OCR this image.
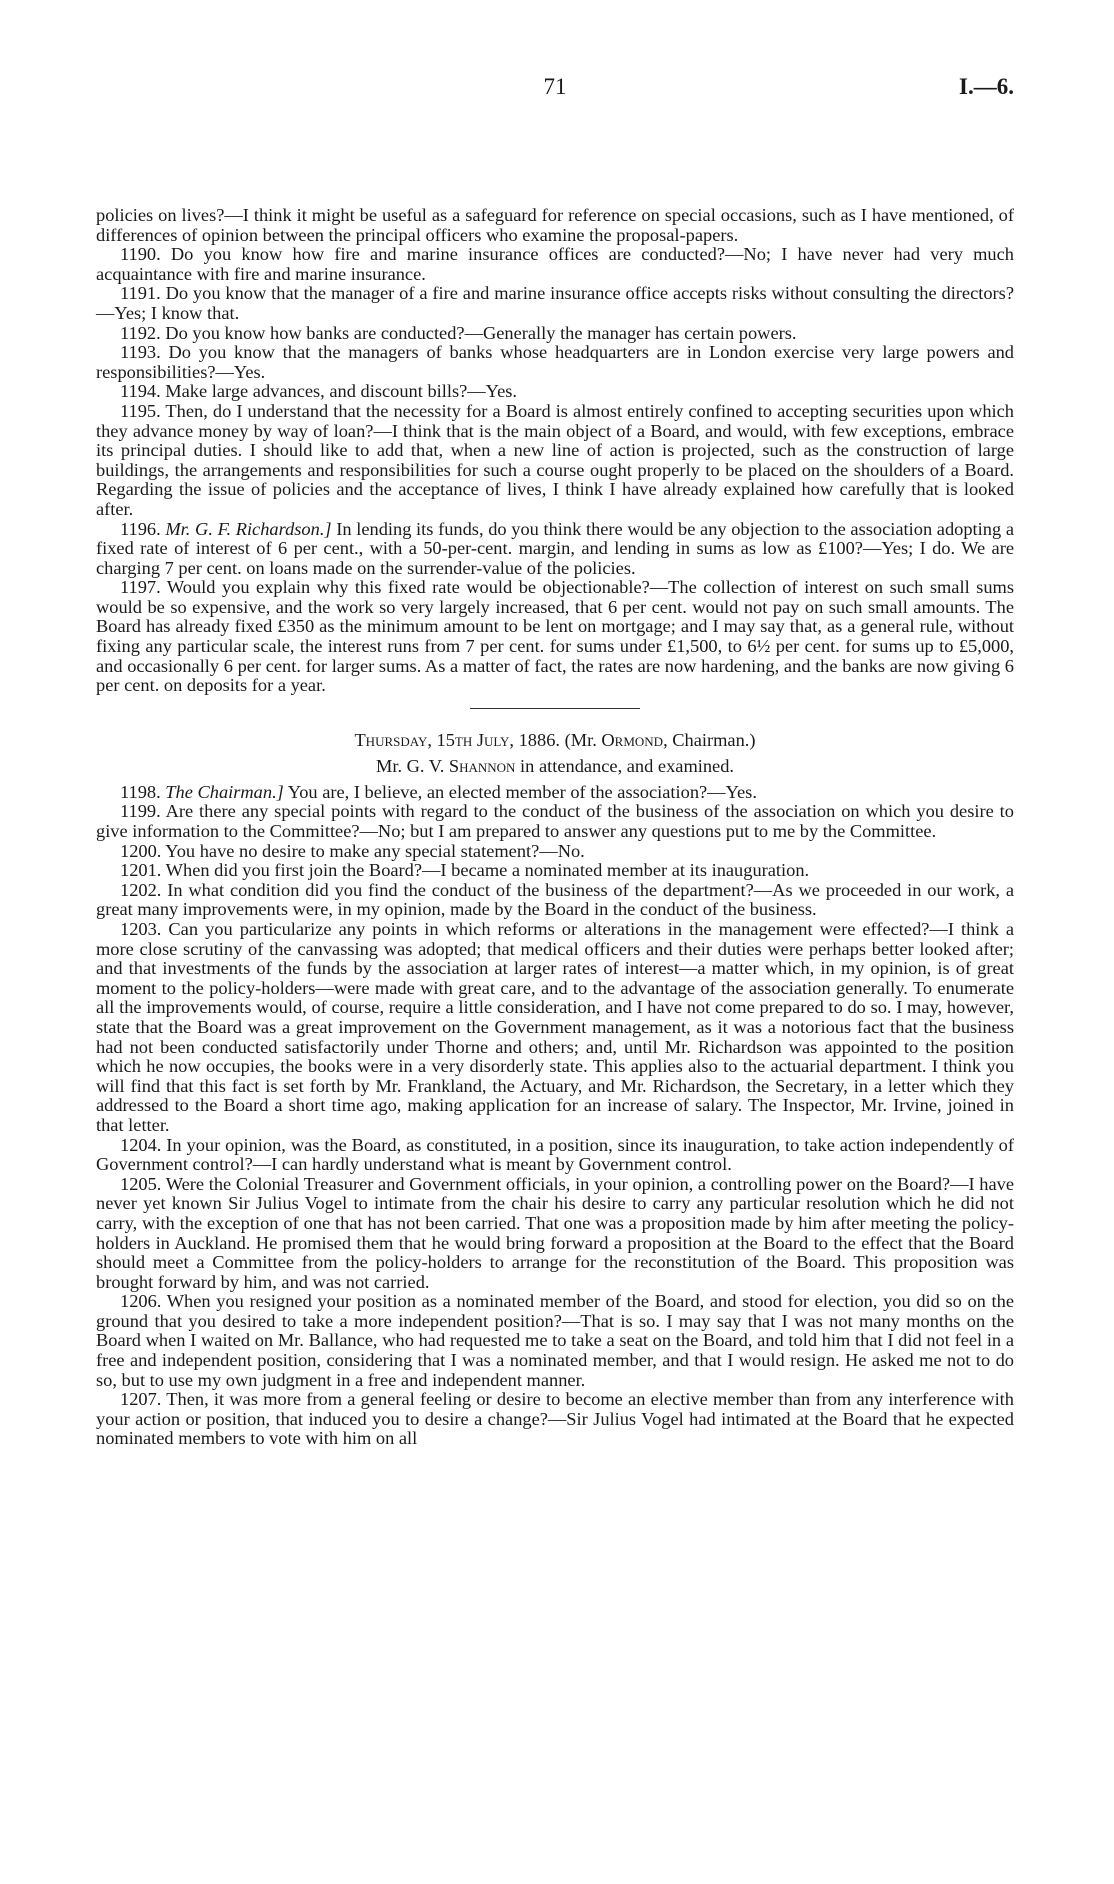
71	I.—6.

policies on lives?—I think it might be useful as a safeguard for reference on special occasions, such as I have mentioned, of differences of opinion between the principal officers who examine the proposal-papers.

1190. Do you know how fire and marine insurance offices are conducted?—No; I have never had very much acquaintance with fire and marine insurance.

1191. Do you know that the manager of a fire and marine insurance office accepts risks without consulting the directors?—Yes; I know that.

1192. Do you know how banks are conducted?—Generally the manager has certain powers.

1193. Do you know that the managers of banks whose headquarters are in London exercise very large powers and responsibilities?—Yes.

1194. Make large advances, and discount bills?—Yes.

1195. Then, do I understand that the necessity for a Board is almost entirely confined to accepting securities upon which they advance money by way of loan?—I think that is the main object of a Board, and would, with few exceptions, embrace its principal duties. I should like to add that, when a new line of action is projected, such as the construction of large buildings, the arrangements and responsibilities for such a course ought properly to be placed on the shoulders of a Board. Regarding the issue of policies and the acceptance of lives, I think I have already explained how carefully that is looked after.

1196. Mr. G. F. Richardson.] In lending its funds, do you think there would be any objection to the association adopting a fixed rate of interest of 6 per cent., with a 50-per-cent. margin, and lending in sums as low as £100?—Yes; I do. We are charging 7 per cent. on loans made on the surrender-value of the policies.

1197. Would you explain why this fixed rate would be objectionable?—The collection of interest on such small sums would be so expensive, and the work so very largely increased, that 6 per cent. would not pay on such small amounts. The Board has already fixed £350 as the minimum amount to be lent on mortgage; and I may say that, as a general rule, without fixing any particular scale, the interest runs from 7 per cent. for sums under £1,500, to 6½ per cent. for sums up to £5,000, and occasionally 6 per cent. for larger sums. As a matter of fact, the rates are now hardening, and the banks are now giving 6 per cent. on deposits for a year.

Thursday, 15th July, 1886. (Mr. Ormond, Chairman.)

Mr. G. V. Shannon in attendance, and examined.

1198. The Chairman.] You are, I believe, an elected member of the association?—Yes.

1199. Are there any special points with regard to the conduct of the business of the association on which you desire to give information to the Committee?—No; but I am prepared to answer any questions put to me by the Committee.

1200. You have no desire to make any special statement?—No.

1201. When did you first join the Board?—I became a nominated member at its inauguration.

1202. In what condition did you find the conduct of the business of the department?—As we proceeded in our work, a great many improvements were, in my opinion, made by the Board in the conduct of the business.

1203. Can you particularize any points in which reforms or alterations in the management were effected?—I think a more close scrutiny of the canvassing was adopted; that medical officers and their duties were perhaps better looked after; and that investments of the funds by the association at larger rates of interest—a matter which, in my opinion, is of great moment to the policy-holders—were made with great care, and to the advantage of the association generally. To enumerate all the improvements would, of course, require a little consideration, and I have not come prepared to do so. I may, however, state that the Board was a great improvement on the Government management, as it was a notorious fact that the business had not been conducted satisfactorily under Thorne and others; and, until Mr. Richardson was appointed to the position which he now occupies, the books were in a very disorderly state. This applies also to the actuarial department. I think you will find that this fact is set forth by Mr. Frankland, the Actuary, and Mr. Richardson, the Secretary, in a letter which they addressed to the Board a short time ago, making application for an increase of salary. The Inspector, Mr. Irvine, joined in that letter.

1204. In your opinion, was the Board, as constituted, in a position, since its inauguration, to take action independently of Government control?—I can hardly understand what is meant by Government control.

1205. Were the Colonial Treasurer and Government officials, in your opinion, a controlling power on the Board?—I have never yet known Sir Julius Vogel to intimate from the chair his desire to carry any particular resolution which he did not carry, with the exception of one that has not been carried. That one was a proposition made by him after meeting the policy-holders in Auckland. He promised them that he would bring forward a proposition at the Board to the effect that the Board should meet a Committee from the policy-holders to arrange for the reconstitution of the Board. This proposition was brought forward by him, and was not carried.

1206. When you resigned your position as a nominated member of the Board, and stood for election, you did so on the ground that you desired to take a more independent position?—That is so. I may say that I was not many months on the Board when I waited on Mr. Ballance, who had requested me to take a seat on the Board, and told him that I did not feel in a free and independent position, considering that I was a nominated member, and that I would resign. He asked me not to do so, but to use my own judgment in a free and independent manner.

1207. Then, it was more from a general feeling or desire to become an elective member than from any interference with your action or position, that induced you to desire a change?—Sir Julius Vogel had intimated at the Board that he expected nominated members to vote with him on all
